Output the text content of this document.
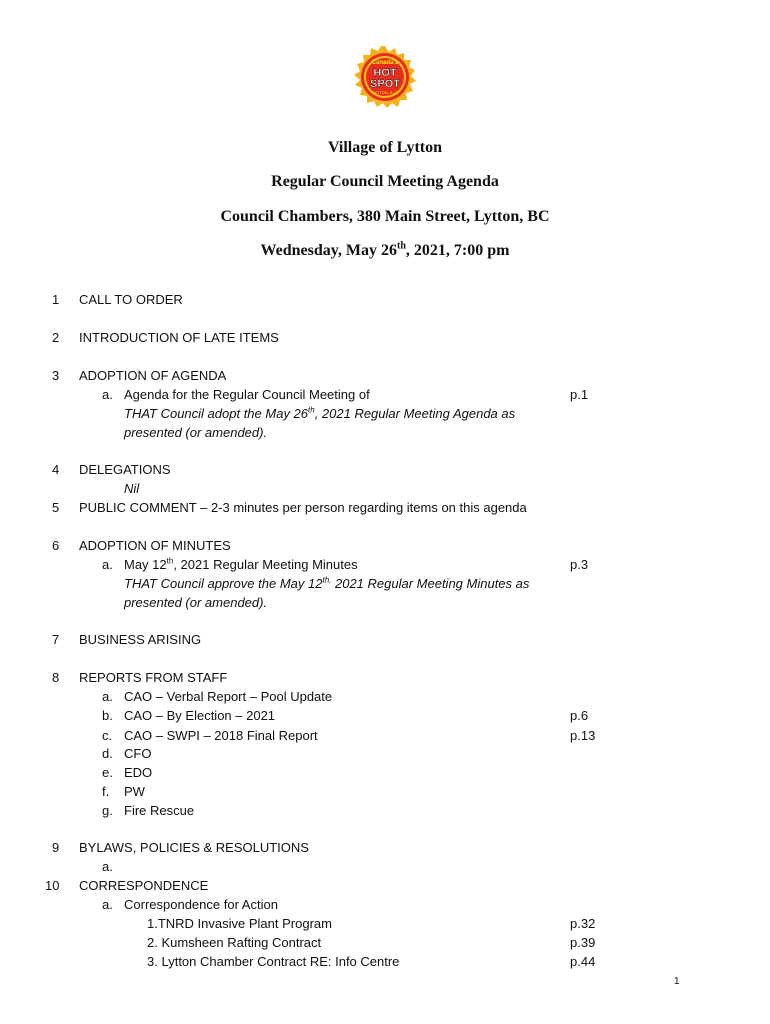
Canada's
HOT
SPOT
LYTTON, B.C.
Village of Lytton
Regular Council Meeting Agenda
Council Chambers, 380 Main Street, Lytton, BC
Wednesday, May 26th, 2021, 7:00 pm
1 CALL TO ORDER
2 INTRODUCTION OF LATE ITEMS
3 ADOPTION OF AGENDA
a. Agenda for the Regular Council Meeting of	p.1
THAT Council adopt the May 26th, 2021 Regular Meeting Agenda as
presented (or amended).
4 DELEGATIONS
Nil
5 PUBLIC COMMENT – 2-3 minutes per person regarding items on this agenda
6 ADOPTION OF MINUTES
a. May 12th, 2021 Regular Meeting Minutes	p.3
THAT Council approve the May $12^{th,}$ 2021 Regular Meeting Minutes as
presented (or amended).
7 BUSINESS ARISING
8 REPORTS FROM STAFF
a. CAO – Verbal Report – Pool Update
b. CAO – By Election – 2021	p.6
c. CAO – SWPI – 2018 Final Report	p.13
d. CFO
e. EDO
f. PW
g. Fire Rescue
9 BYLAWS, POLICIES & RESOLUTIONS
a.
10 CORRESPONDENCE
a. Correspondence for Action
1.TNRD Invasive Plant Program	p.32
2. Kumsheen Rafting Contract	p.39
3. Lytton Chamber Contract RE: Info Centre	p.44
1
